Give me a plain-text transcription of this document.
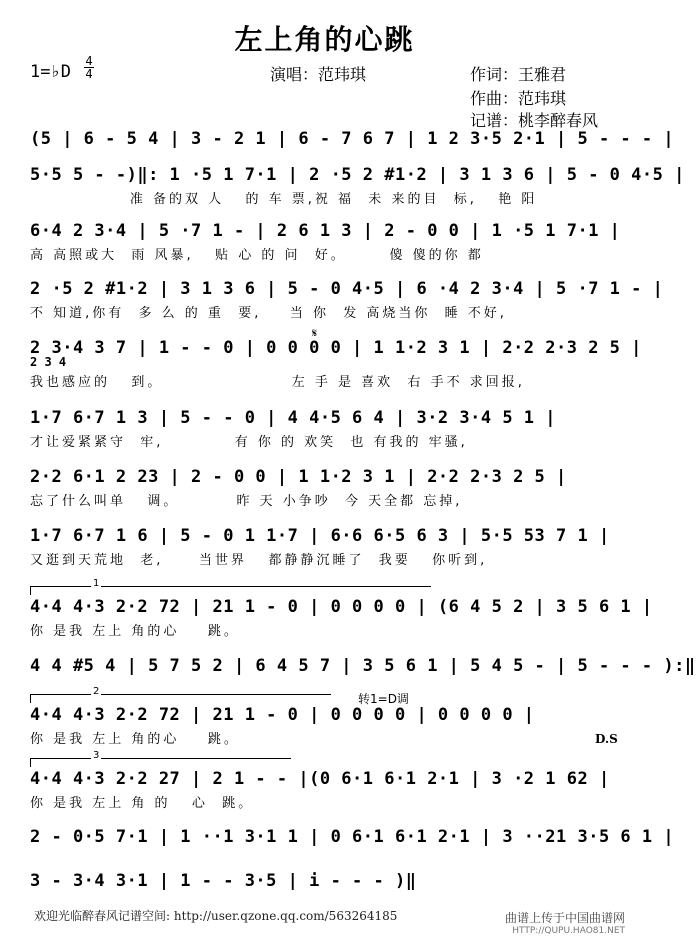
左上角的心跳
1=♭D
4
4	演唱：范玮琪	作词：王雅君
作曲：范玮琪
记谱：桃李醉春风
(5 | 6 - 5 4 | 3 - 2 1 | 6 - 7 6 7 | 1 2 3·5 2·1 | 5 - - - |
5·5 5 - -)‖: 1 ·5 1 7·1 | 2 ·5 2 #1·2 | 3 1 3 6 | 5 - 0 4·5 |
准 备的双 人   的 车 票,祝 福  未 来的目  标,   艳 阳
6·4 2 3·4 | 5 ·7 1 - | 2 6 1 3 | 2 - 0 0 | 1 ·5 1 7·1 |
高 高照或大  雨 风暴,   贴 心 的 问  好。      傻 傻的你 都
2 ·5 2 #1·2 | 3 1 3 6 | 5 - 0 4·5 | 6 ·4 2 3·4 | 5 ·7 1 - |
不 知道,你有  多 么 的 重  要,    当 你  发 高烧当你  睡 不好,
𝄋
2 3·4 3 7 | 1 - - 0 | 0 0 0 0 | 1 1·2 3 1 | 2·2 2·3 2 5 |
2 3 4
我也感应的   到。                  左 手 是 喜欢  右 手不 求回报,
1·7 6·7 1 3 | 5 - - 0 | 4 4·5 6 4 | 3·2 3·4 5 1 |
才让爱紧紧守  牢,          有 你 的 欢笑  也 有我的 牢骚,
2·2 6·1 2 23 | 2 - 0 0 | 1 1·2 3 1 | 2·2 2·3 2 5 |
忘了什么叫单   调。        昨 天 小争吵  今 天全都 忘掉,
1·7 6·7 1 6 | 5 - 0 1 1·7 | 6·6 6·5 6 3 | 5·5 53 7 1 |
又逛到天荒地  老,     当世界   都静静沉睡了  我要   你听到,
1
4·4 4·3 2·2 72 | 21 1 - 0 | 0 0 0 0 | (6 4 5 2 | 3 5 6 1 |
你 是我 左上 角的心    跳。
4 4 #5 4 | 5 7 5 2 | 6 4 5 7 | 3 5 6 1 | 5 4 5 - | 5 - - - ):‖
2
转1=D调
4·4 4·3 2·2 72 | 21 1 - 0 | 0 0 0 0 | 0 0 0 0 |
D.S
你 是我 左上 角的心    跳。
3
4·4 4·3 2·2 27 | 2 1 - - |(0 6·1 6·1 2·1 | 3 ·2 1 62 |
你 是我 左上 角 的   心  跳。
2 - 0·5 7·1 | 1 ··1 3·1 1 | 0 6·1 6·1 2·1 | 3 ··21 3·5 6 1 |
3 - 3·4 3·1 | 1 - - 3·5 | i - - - )‖
欢迎光临醉春风记谱空间: http://user.qzone.qq.com/563264185	曲谱上传于中国曲谱网
HTTP://QUPU.HAO81.NET
